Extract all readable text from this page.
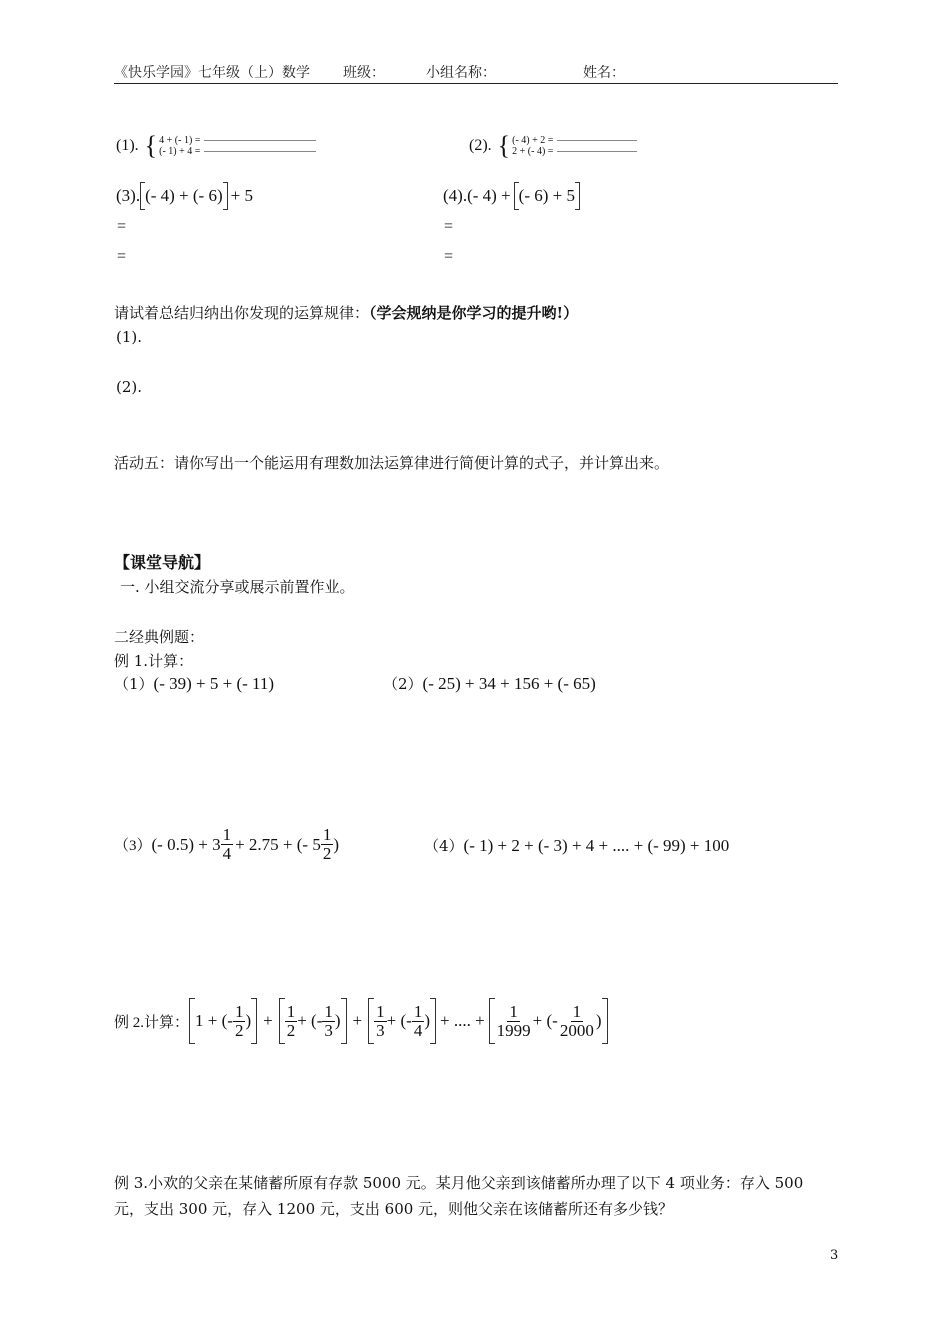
《快乐学园》七年级（上）数学 班级：	小组名称：	姓名：
(1). { 4 + (- 1) =
(- 1) + 4 =	(2). { (- 4) + 2 =
2 + (- 4) =
(3). (- 4) + (- 6) + 5
=
=
(4). (- 4) + (- 6) + 5
=
=
请试着总结归纳出你发现的运算规律：（学会规纳是你学习的提升哟!）
(1).
(2).
活动五：请你写出一个能运用有理数加法运算律进行简便计算的式子，并计算出来。
【课堂导航】
一. 小组交流分享或展示前置作业。
二经典例题：
例 1.计算：
（1） (- 39) + 5 + (- 11)	（2） (- 25) + 34 + 156 + (- 65)
（3） (- $0.5) + 3 \frac{1}{4} + 2.75$ + (- $5 \frac{1}{2}$ )	（4） (- 1) + 2 + (- 3) + 4 + .... + (- 99) + 100
例 2.计算： 1 + (- $\frac{1}{2}$ ) + $\frac{1}{2}$ + (- $\frac{1}{3}$ ) + $\frac{1}{3}$ + (- $\frac{1}{4}$ ) + .... + $\frac{1}{1999}$ + (- $\frac{1}{2000}$ )
例 3.小欢的父亲在某储蓄所原有存款 5000 元。某月他父亲到该储蓄所办理了以下 4 项业务：存入 500
元，支出 300 元，存入 1200 元，支出 600 元，则他父亲在该储蓄所还有多少钱？
3
